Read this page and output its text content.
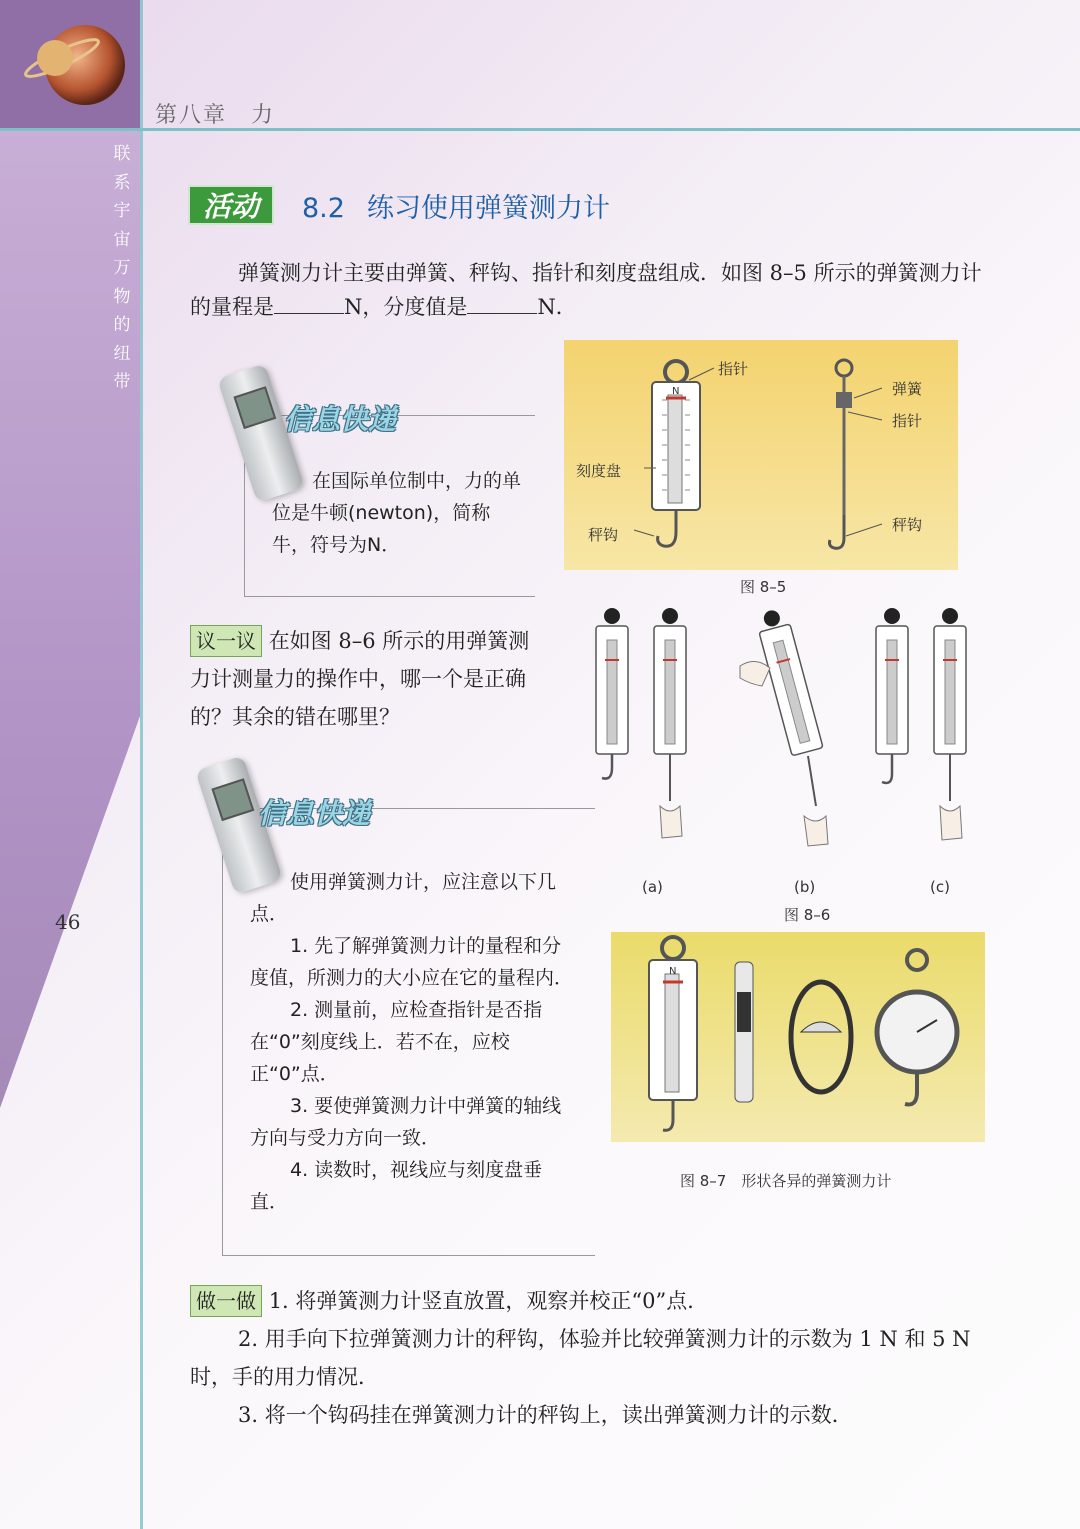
第八章　力
联
系
宇
宙
万
物
的
纽
带
46
活动	8.2 练习使用弹簧测力计
弹簧测力计主要由弹簧、秤钩、指针和刻度盘组成．如图 8–5 所示的弹簧测力计的量程是	N，分度值是	N．
信息快递
在国际单位制中，力的单位是牛顿(newton)，简称牛，符号为N．
N
指针
刻度盘
秤钩
弹簧
指针
秤钩
图 8–5
议一议 在如图 8–6 所示的用弹簧测力计测量力的操作中，哪一个是正确的？其余的错在哪里？
(a)	(b)	(c)
图 8–6
信息快递
使用弹簧测力计，应注意以下几点．
1. 先了解弹簧测力计的量程和分度值，所测力的大小应在它的量程内．
2. 测量前，应检查指针是否指在“0”刻度线上．若不在，应校正“0”点．
3. 要使弹簧测力计中弹簧的轴线方向与受力方向一致．
4. 读数时，视线应与刻度盘垂直．
N
图 8–7　形状各异的弹簧测力计

做一做 1. 将弹簧测力计竖直放置，观察并校正“0”点．

2. 用手向下拉弹簧测力计的秤钩，体验并比较弹簧测力计的示数为 1 N 和 5 N 时，手的用力情况．

3. 将一个钩码挂在弹簧测力计的秤钩上，读出弹簧测力计的示数．
